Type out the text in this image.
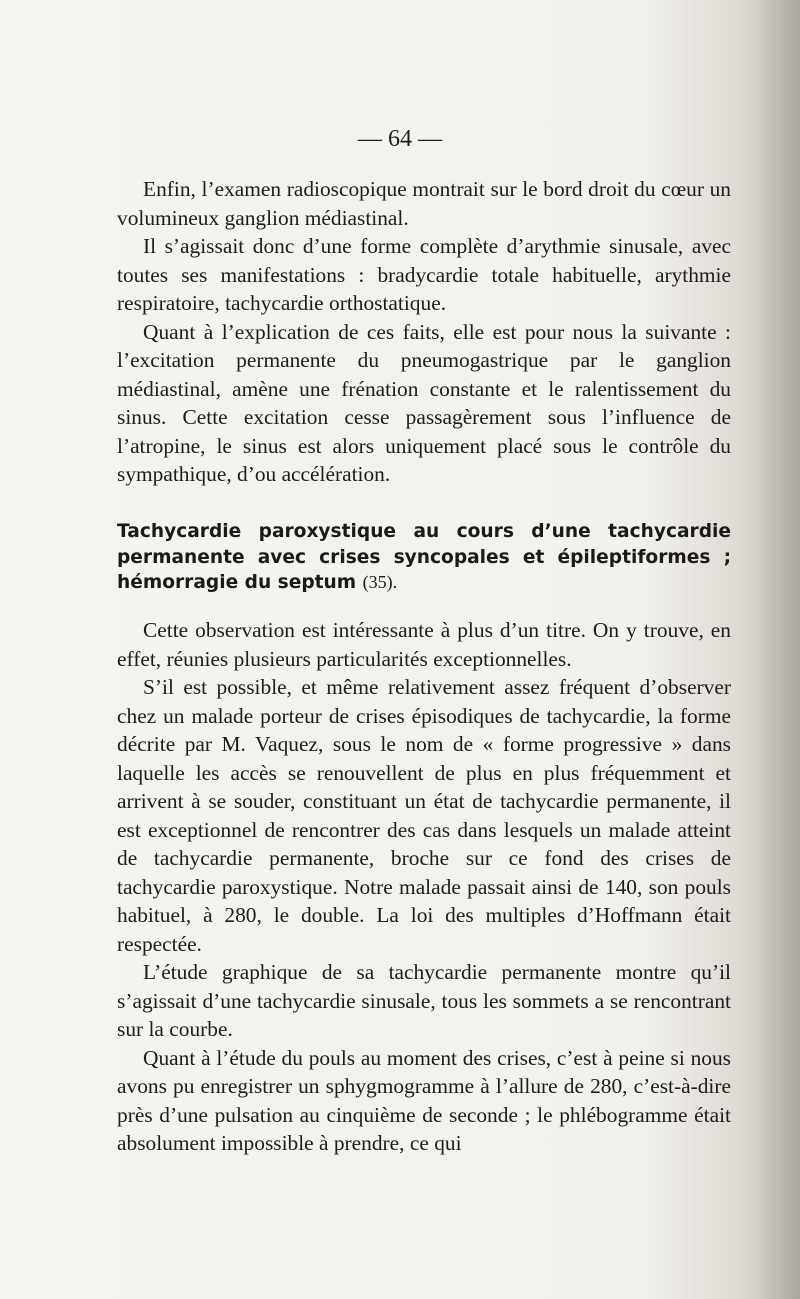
— 64 —

Enfin, l’examen radioscopique montrait sur le bord droit du cœur un volumineux ganglion médiastinal.

Il s’agissait donc d’une forme complète d’arythmie sinusale, avec toutes ses manifestations : bradycardie totale habituelle, arythmie respiratoire, tachycardie orthostatique.

Quant à l’explication de ces faits, elle est pour nous la suivante : l’excitation permanente du pneumogastrique par le ganglion médiastinal, amène une frénation constante et le ralentissement du sinus. Cette excitation cesse passagèrement sous l’influence de l’atropine, le sinus est alors uniquement placé sous le contrôle du sympathique, d’ou accélération.

Tachycardie paroxystique au cours d’une tachycardie permanente avec crises syncopales et épileptiformes ; hémorragie du septum (35).

Cette observation est intéressante à plus d’un titre. On y trouve, en effet, réunies plusieurs particularités exceptionnelles.

S’il est possible, et même relativement assez fréquent d’observer chez un malade porteur de crises épisodiques de tachycardie, la forme décrite par M. Vaquez, sous le nom de « forme progressive » dans laquelle les accès se renouvellent de plus en plus fréquemment et arrivent à se souder, constituant un état de tachycardie permanente, il est exceptionnel de rencontrer des cas dans lesquels un malade atteint de tachycardie permanente, broche sur ce fond des crises de tachycardie paroxystique. Notre malade passait ainsi de 140, son pouls habituel, à 280, le double. La loi des multiples d’Hoffmann était respectée.

L’étude graphique de sa tachycardie permanente montre qu’il s’agissait d’une tachycardie sinusale, tous les sommets a se rencontrant sur la courbe.

Quant à l’étude du pouls au moment des crises, c’est à peine si nous avons pu enregistrer un sphygmogramme à l’allure de 280, c’est-à-dire près d’une pulsation au cinquième de seconde ; le phlébogramme était absolument impossible à prendre, ce qui
